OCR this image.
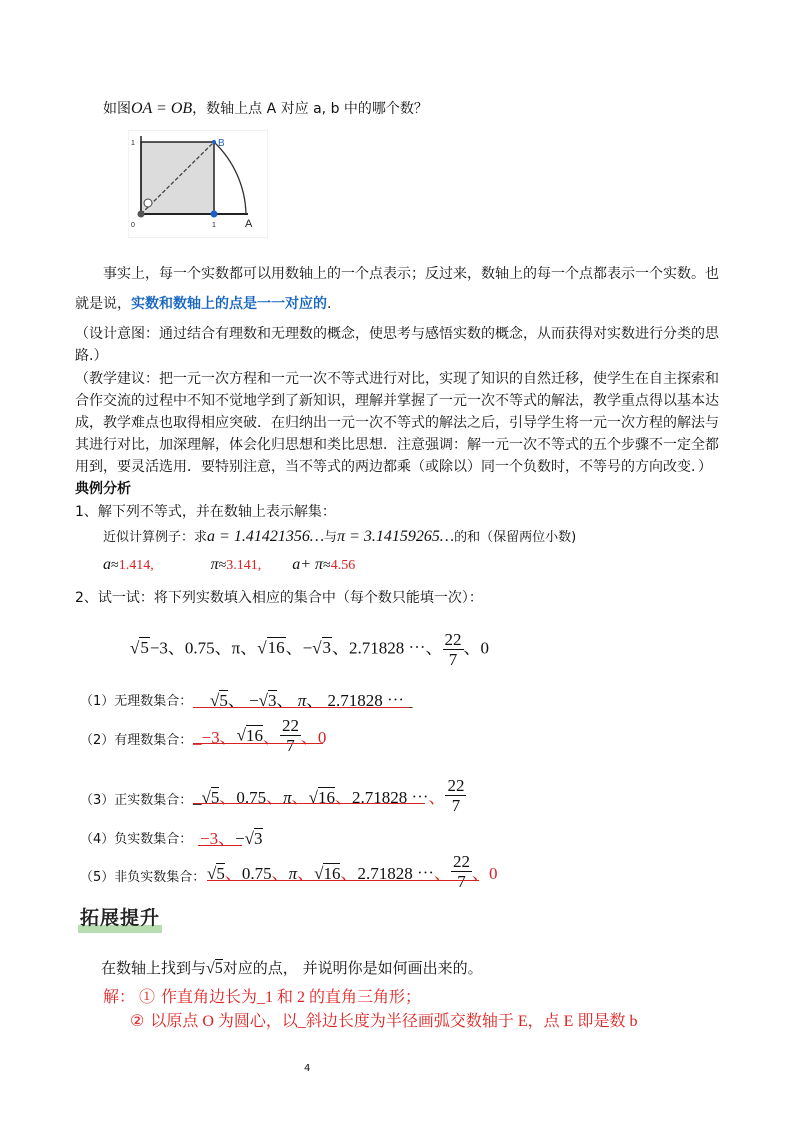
如图OA = OB，数轴上点 A 对应 a, b 中的哪个数？
B
A
0	1
1
事实上，每一个实数都可以用数轴上的一个点表示；反过来，数轴上的每一个点都表示一个实数。也
就是说，实数和数轴上的点是一一对应的.
（设计意图：通过结合有理数和无理数的概念，使思考与感悟实数的概念，从而获得对实数进行分类的思
路.）
（教学建议：把一元一次方程和一元一次不等式进行对比，实现了知识的自然迁移，使学生在自主探索和
合作交流的过程中不知不觉地学到了新知识，理解并掌握了一元一次不等式的解法，教学重点得以基本达
成，教学难点也取得相应突破．在归纳出一元一次不等式的解法之后，引导学生将一元一次方程的解法与
其进行对比，加深理解，体会化归思想和类比思想．注意强调：解一元一次不等式的五个步骤不一定全都
用到，要灵活选用．要特别注意，当不等式的两边都乘（或除以）同一个负数时，不等号的方向改变．）
典例分析
1、解下列不等式，并在数轴上表示解集：
近似计算例子：求a = 1.41421356…与π = 3.14159265…的和（保留两位小数)
a≈1.414,	π≈3.141, a+ π≈4.56
2、试一试：将下列实数填入相应的集合中（每个数只能填一次）：
√5−3、0.75、π、√16、−√3、2.71828 ⋯、 $\frac{22}{7}$ 、0
（1）无理数集合： __√5、 −√3、 π、 2.71828 ⋯_
（2）有理数集合： _−3、√16、 $\frac{22}{7}$ 、0
（3）正实数集合： _√5、0.75、π、√16、2.71828 ⋯、 $\frac{22}{7}$
（4）负实数集合： −3、−√3
（5）非负实数集合： √5、0.75、π、√16、2.71828 ⋯、 $\frac{22}{7}$ 、0
拓展提升
在数轴上找到与√5对应的点， 并说明你是如何画出来的。
解： ① 作直角边长为_1 和 2 的直角三角形；
② 以原点 O 为圆心，以_斜边长度为半径画弧交数轴于 E，点 E 即是数 b
4
